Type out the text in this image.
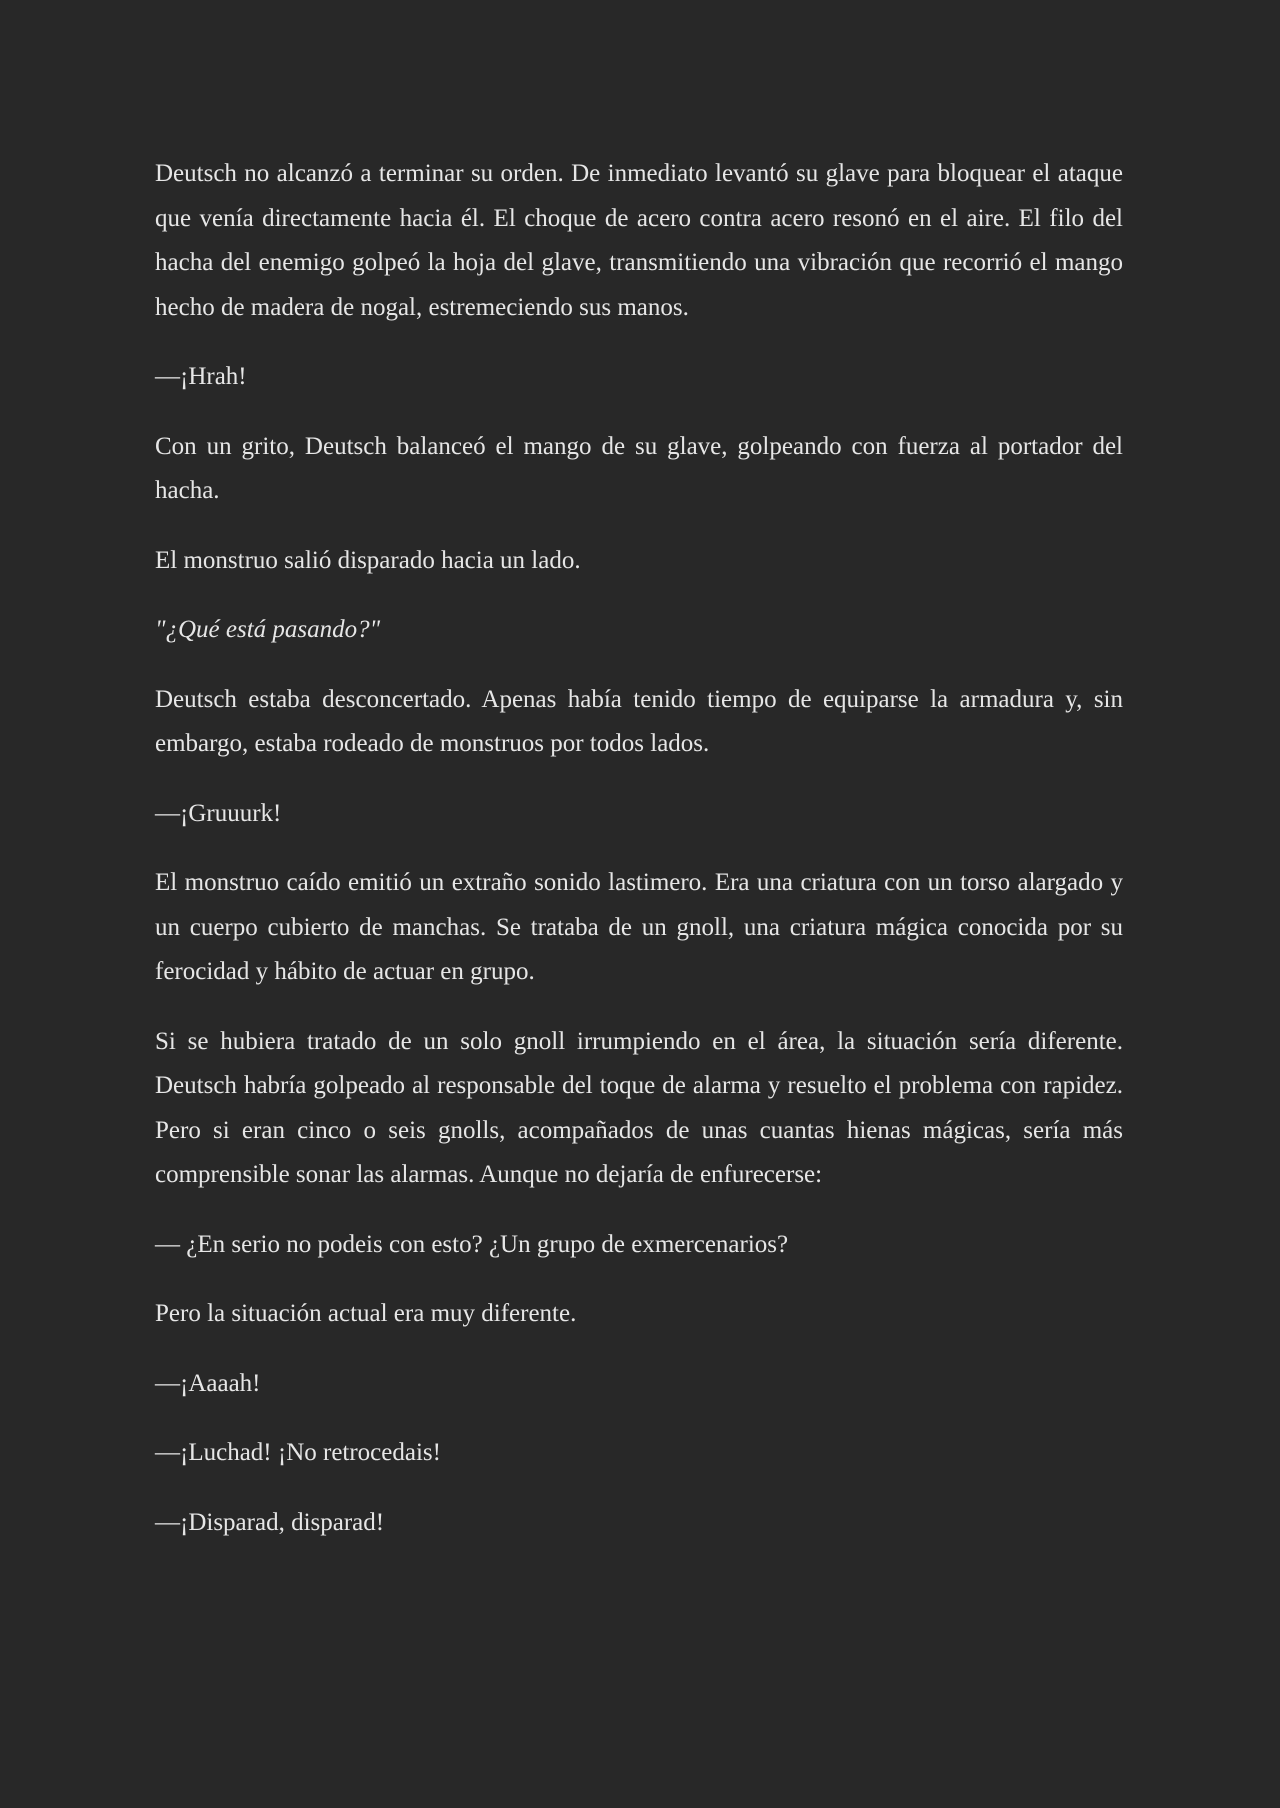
Deutsch no alcanzó a terminar su orden. De inmediato levantó su glave para bloquear el ataque que venía directamente hacia él. El choque de acero contra acero resonó en el aire. El filo del hacha del enemigo golpeó la hoja del glave, transmitiendo una vibración que recorrió el mango hecho de madera de nogal, estremeciendo sus manos.

—¡Hrah!

Con un grito, Deutsch balanceó el mango de su glave, golpeando con fuerza al portador del hacha.

El monstruo salió disparado hacia un lado.

"¿Qué está pasando?"

Deutsch estaba desconcertado. Apenas había tenido tiempo de equiparse la armadura y, sin embargo, estaba rodeado de monstruos por todos lados.

—¡Gruuurk!

El monstruo caído emitió un extraño sonido lastimero. Era una criatura con un torso alargado y un cuerpo cubierto de manchas. Se trataba de un gnoll, una criatura mágica conocida por su ferocidad y hábito de actuar en grupo.

Si se hubiera tratado de un solo gnoll irrumpiendo en el área, la situación sería diferente. Deutsch habría golpeado al responsable del toque de alarma y resuelto el problema con rapidez. Pero si eran cinco o seis gnolls, acompañados de unas cuantas hienas mágicas, sería más comprensible sonar las alarmas. Aunque no dejaría de enfurecerse:

— ¿En serio no podeis con esto? ¿Un grupo de exmercenarios?

Pero la situación actual era muy diferente.

—¡Aaaah!

—¡Luchad! ¡No retrocedais!

—¡Disparad, disparad!
